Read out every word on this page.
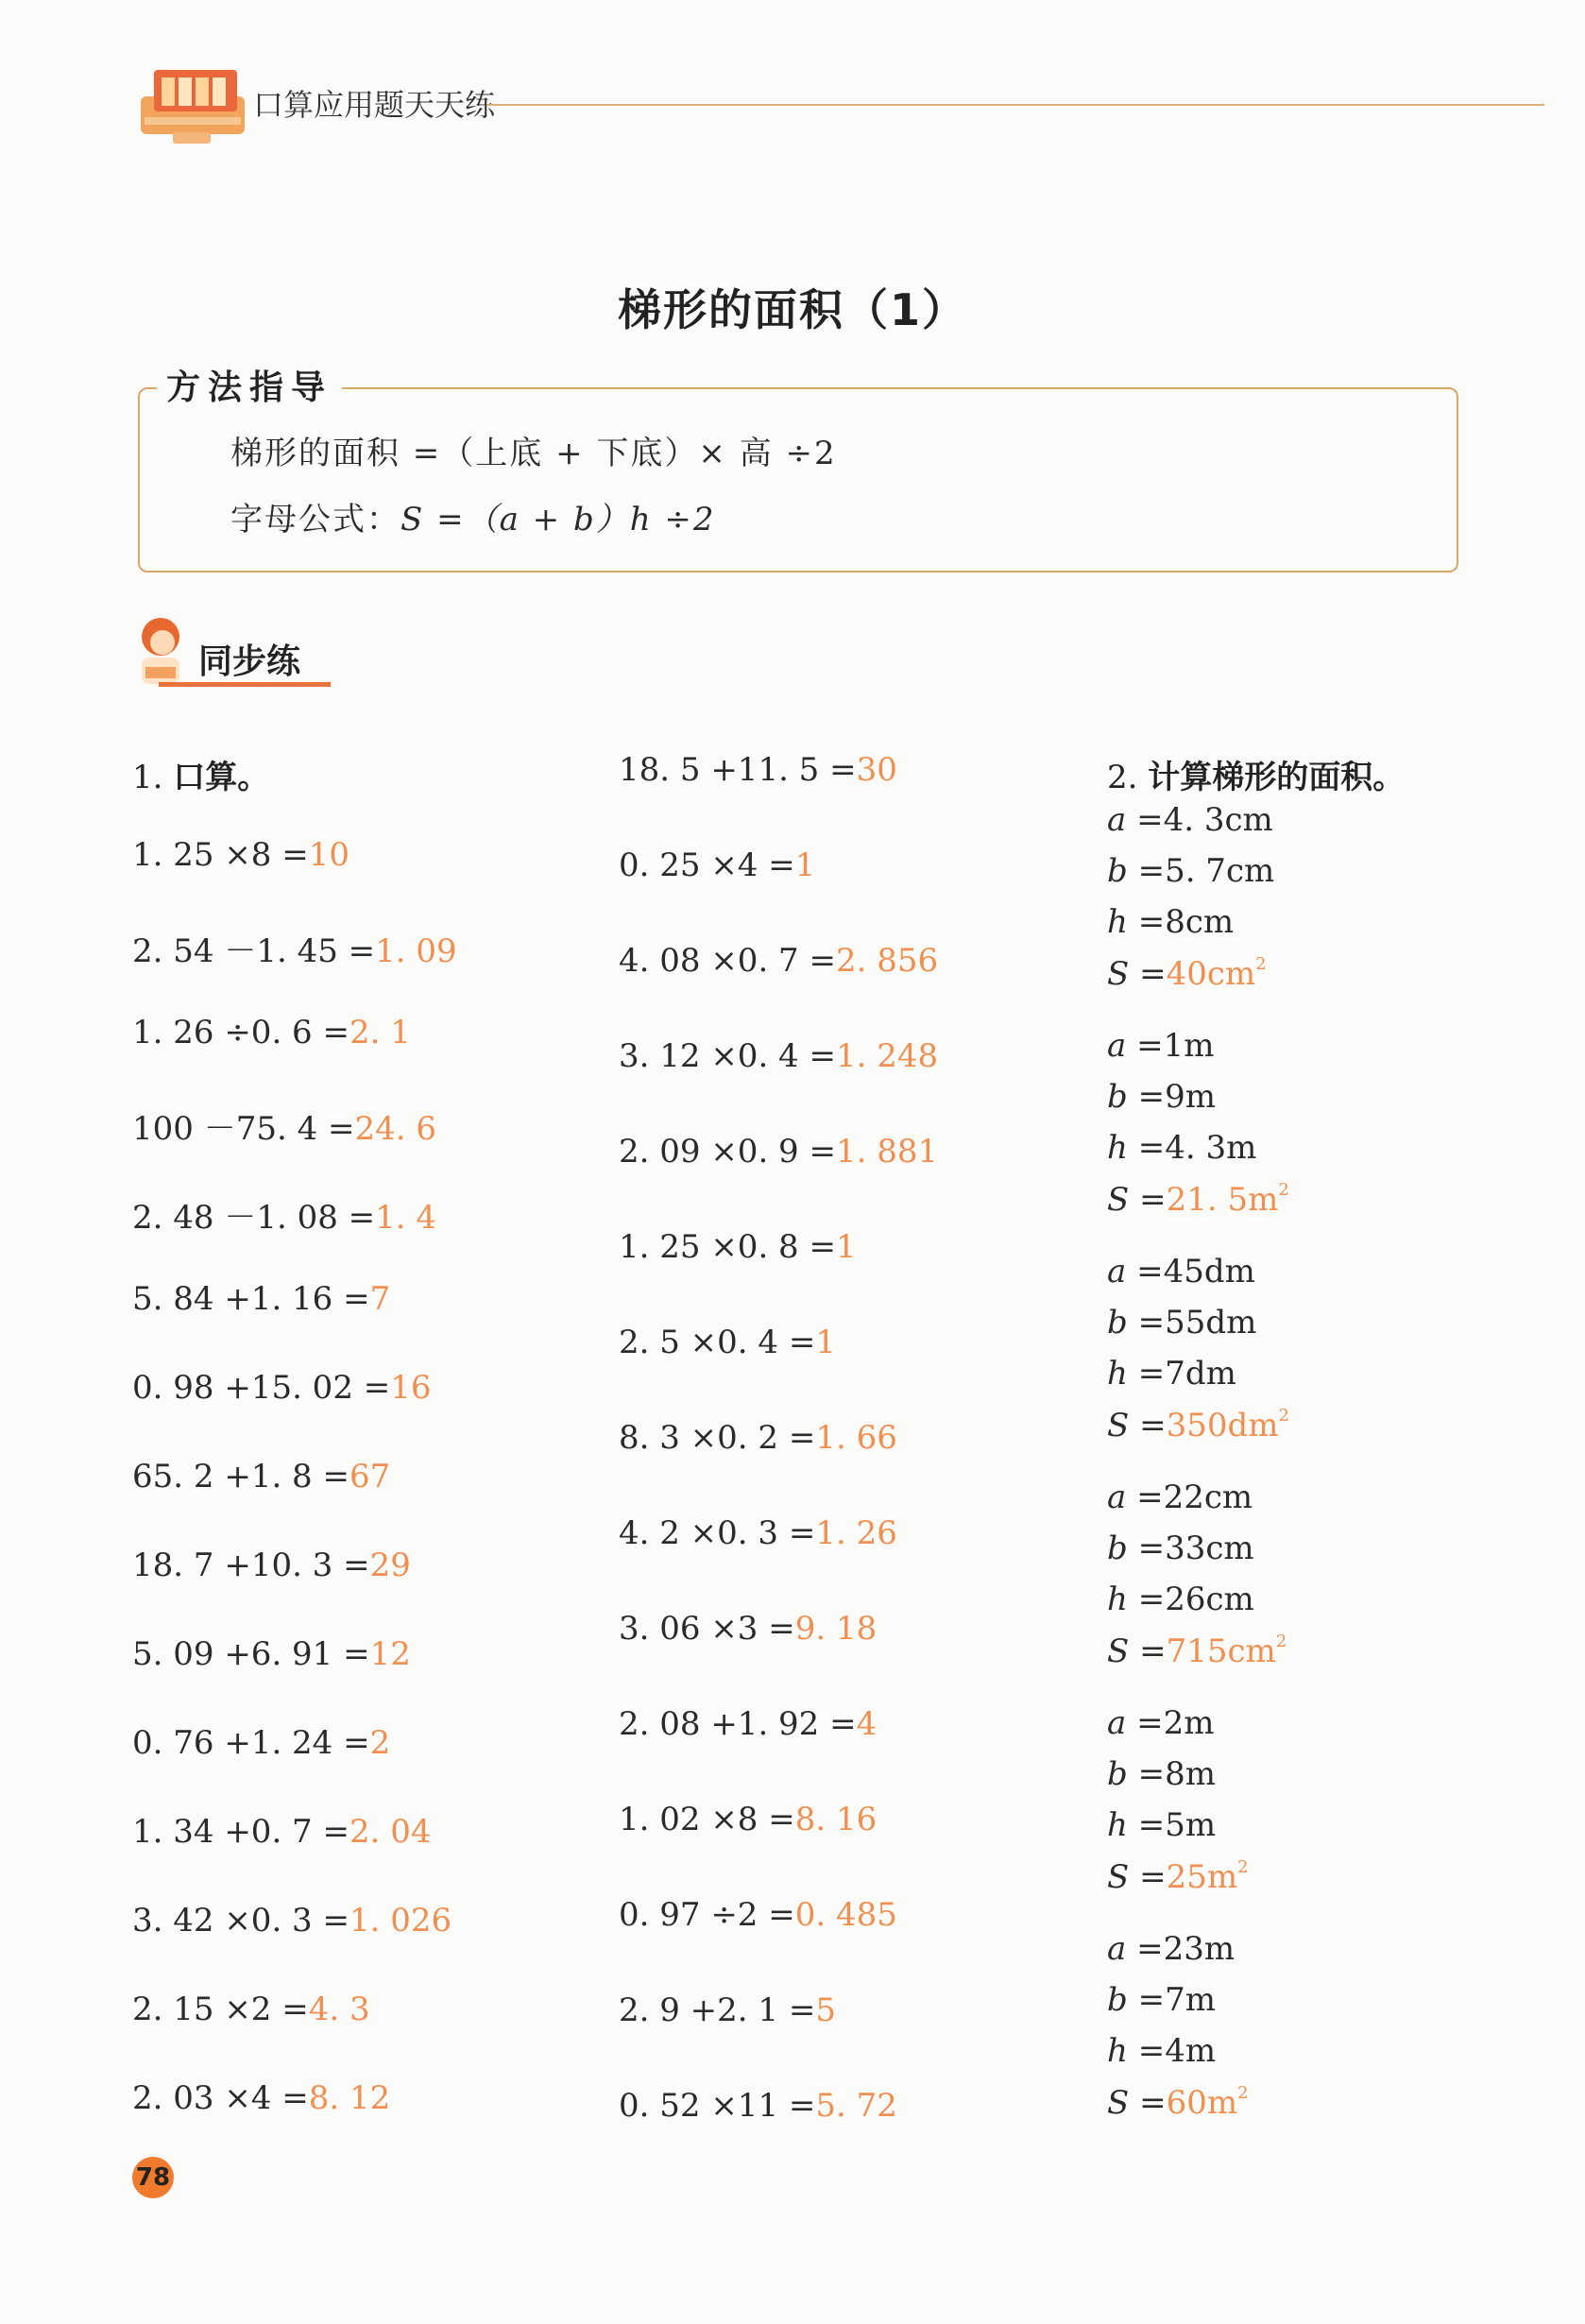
口算应用题天天练
梯形的面积（1）
方法指导
梯形的面积 =（上底 + 下底）× 高 ÷2
字母公式：S =（a + b）h ÷2
同步练
1. 口算。
1. 25 ×8 =10
2. 54 －1. 45 =1. 09
1. 26 ÷0. 6 =2. 1
100 －75. 4 =24. 6
2. 48 －1. 08 =1. 4
5. 84 +1. 16 =7
0. 98 +15. 02 =16
65. 2 +1. 8 =67
18. 7 +10. 3 =29
5. 09 +6. 91 =12
0. 76 +1. 24 =2
1. 34 +0. 7 =2. 04
3. 42 ×0. 3 =1. 026
2. 15 ×2 =4. 3
2. 03 ×4 =8. 12
18. 5 +11. 5 =30
0. 25 ×4 =1
4. 08 ×0. 7 =2. 856
3. 12 ×0. 4 =1. 248
2. 09 ×0. 9 =1. 881
1. 25 ×0. 8 =1
2. 5 ×0. 4 =1
8. 3 ×0. 2 =1. 66
4. 2 ×0. 3 =1. 26
3. 06 ×3 =9. 18
2. 08 +1. 92 =4
1. 02 ×8 =8. 16
0. 97 ÷2 =0. 485
2. 9 +2. 1 =5
0. 52 ×11 =5. 72
2. 计算梯形的面积。
a =4. 3cm
b =5. 7cm
h =8cm
$S =40cm^2$
a =1m
b =9m
h =4. 3m
S =21. $5m^2$
a =45dm
b =55dm
h =7dm
$S =350dm^2$
a =22cm
b =33cm
h =26cm
$S =715cm^2$
a =2m
b =8m
h =5m
$S =25m^2$
a =23m
b =7m
h =4m
$S =60m^2$
78
